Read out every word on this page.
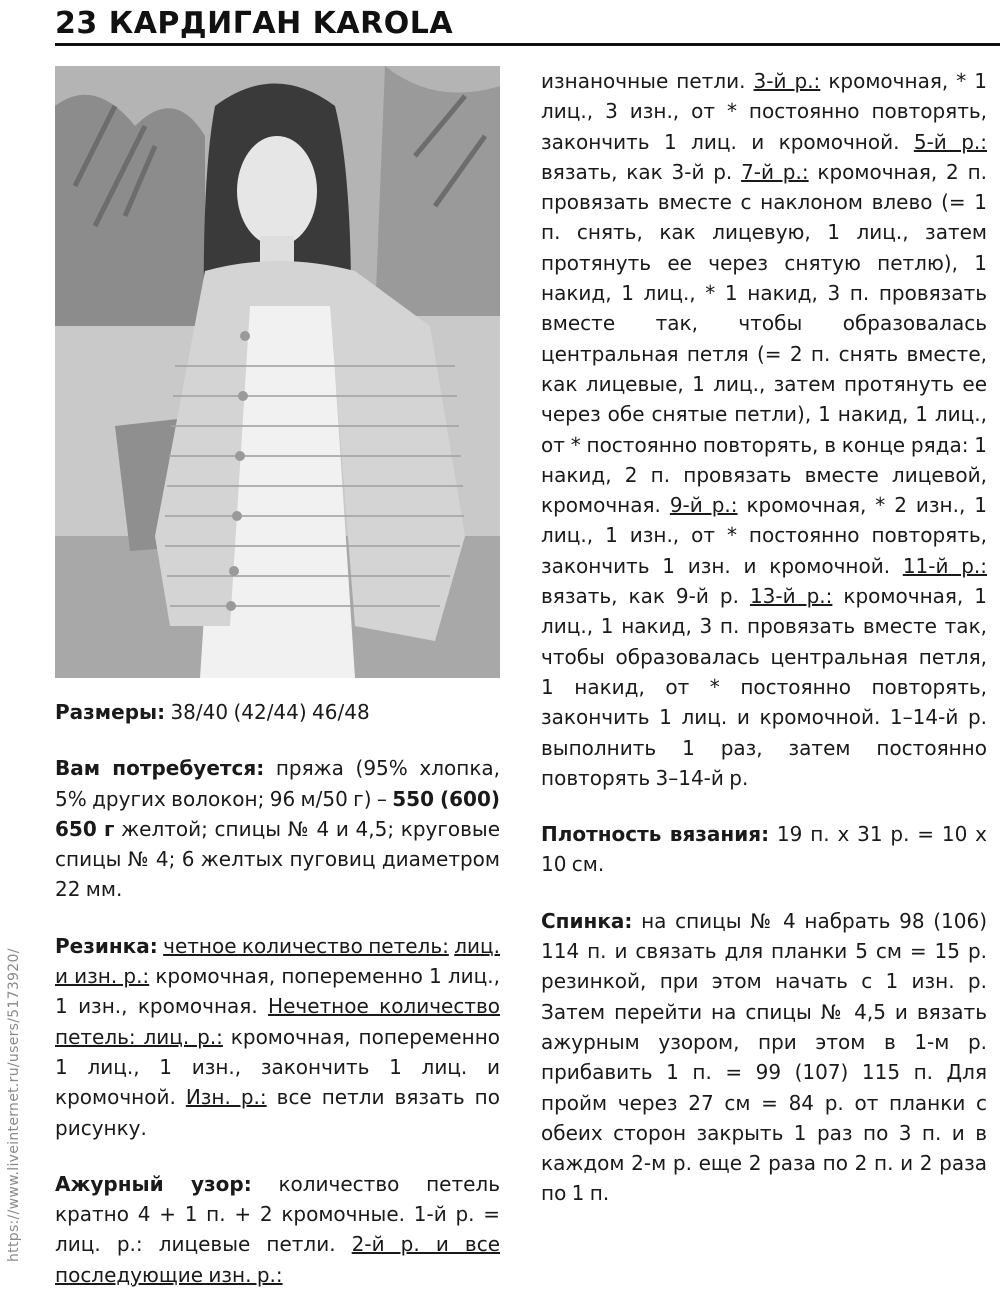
23 КАРДИГАН KAROLA
https://www.liveinternet.ru/users/5173920/

Размеры: 38/40 (42/44) 46/48

Вам потребуется: пряжа (95% хлопка, 5% других волокон; 96 м/50 г) – 550 (600) 650 г желтой; спицы № 4 и 4,5; круговые спицы № 4; 6 желтых пуговиц диаметром 22 мм.

Резинка: четное количество петель: лиц. и изн. р.: кромочная, попеременно 1 лиц., 1 изн., кромочная. Нечетное количество петель: лиц. р.: кромочная, попеременно 1 лиц., 1 изн., закончить 1 лиц. и кромочной. Изн. р.: все петли вязать по рисунку.

Ажурный узор: количество петель кратно 4 + 1 п. + 2 кромочные. 1-й р. = лиц. р.: лицевые петли. 2-й р. и все последующие изн. р.:

изнаночные петли. 3-й р.: кромочная, * 1 лиц., 3 изн., от * постоянно повторять, закончить 1 лиц. и кромочной. 5-й р.: вязать, как 3-й р. 7-й р.: кромочная, 2 п. провязать вместе с наклоном влево (= 1 п. снять, как лицевую, 1 лиц., затем протянуть ее через снятую петлю), 1 накид, 1 лиц., * 1 накид, 3 п. провязать вместе так, чтобы образовалась центральная петля (= 2 п. снять вместе, как лицевые, 1 лиц., затем протянуть ее через обе снятые петли), 1 накид, 1 лиц., от * постоянно повторять, в конце ряда: 1 накид, 2 п. провязать вместе лицевой, кромочная. 9-й р.: кромочная, * 2 изн., 1 лиц., 1 изн., от * постоянно повторять, закончить 1 изн. и кромочной. 11-й р.: вязать, как 9-й р. 13-й р.: кромочная, 1 лиц., 1 накид, 3 п. провязать вместе так, чтобы образовалась центральная петля, 1 накид, от * постоянно повторять, закончить 1 лиц. и кромочной. 1–14-й р. выполнить 1 раз, затем постоянно повторять 3–14-й р.

Плотность вязания: 19 п. x 31 р. = 10 x 10 см.

Спинка: на спицы № 4 набрать 98 (106) 114 п. и связать для планки 5 см = 15 р. резинкой, при этом начать с 1 изн. р. Затем перейти на спицы № 4,5 и вязать ажурным узором, при этом в 1-м р. прибавить 1 п. = 99 (107) 115 п. Для пройм через 27 см = 84 р. от планки с обеих сторон закрыть 1 раз по 3 п. и в каждом 2-м р. еще 2 раза по 2 п. и 2 раза по 1 п.
